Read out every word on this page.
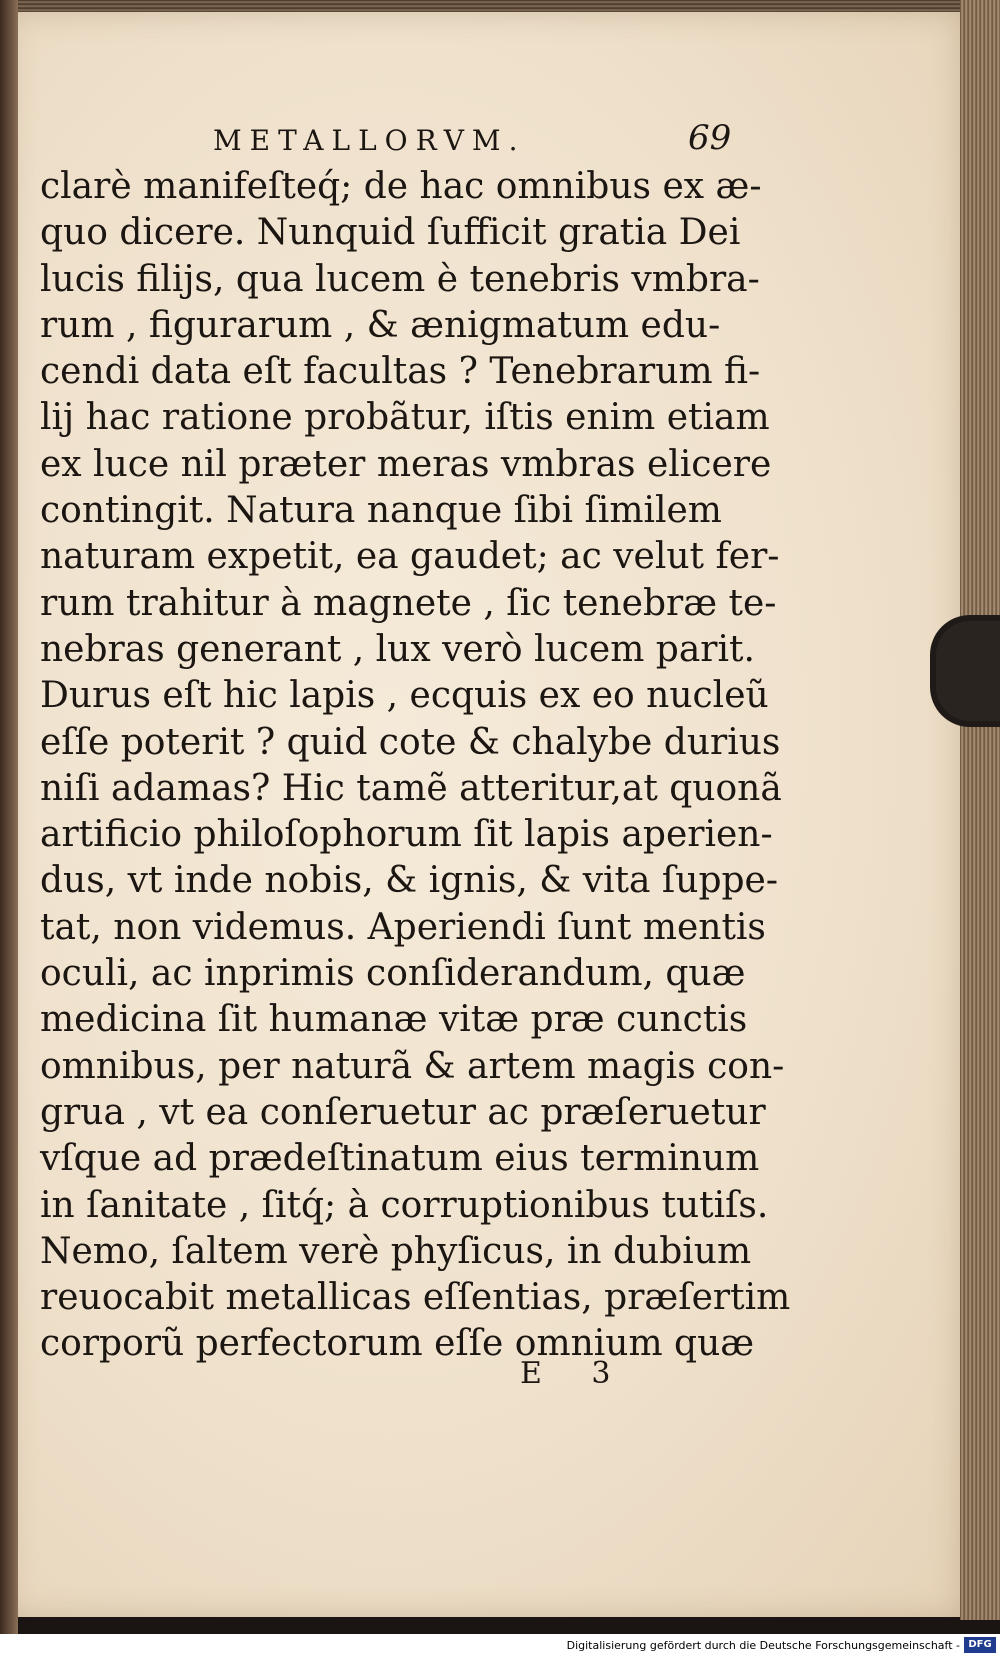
METALLORVM.	69
clarè manifeſteq́; de hac omnibus ex æ-
quo dicere. Nunquid ſufficit gratia Dei
lucis filijs, qua lucem è tenebris vmbra-
rum , figurarum , & ænigmatum edu-
cendi data eſt facultas ? Tenebrarum fi-
lij hac ratione probãtur, iſtis enim etiam
ex luce nil præter meras vmbras elicere
contingit. Natura nanque ſibi ſimilem
naturam expetit, ea gaudet; ac velut fer-
rum trahitur à magnete , ſic tenebræ te-
nebras generant , lux verò lucem parit.
Durus eſt hic lapis , ecquis ex eo nucleũ
eſſe poterit ? quid cote & chalybe durius
niſi adamas? Hic tamẽ atteritur,at quonã
artificio philoſophorum ſit lapis aperien-
dus, vt inde nobis, & ignis, & vita ſuppe-
tat, non videmus. Aperiendi ſunt mentis
oculi, ac inprimis conſiderandum, quæ
medicina ſit humanæ vitæ præ cunctis
omnibus, per naturã & artem magis con-
grua , vt ea conſeruetur ac præſeruetur
vſque ad prædeſtinatum eius terminum
in ſanitate , ſitq́; à corruptionibus tutiſs.
Nemo, ſaltem verè phyſicus, in dubium
reuocabit metallicas eſſentias, præſertim
corporũ perfectorum eſſe omnium quæ
E 3
Digitalisierung gefördert durch die Deutsche Forschungsgemeinschaft - DFG
